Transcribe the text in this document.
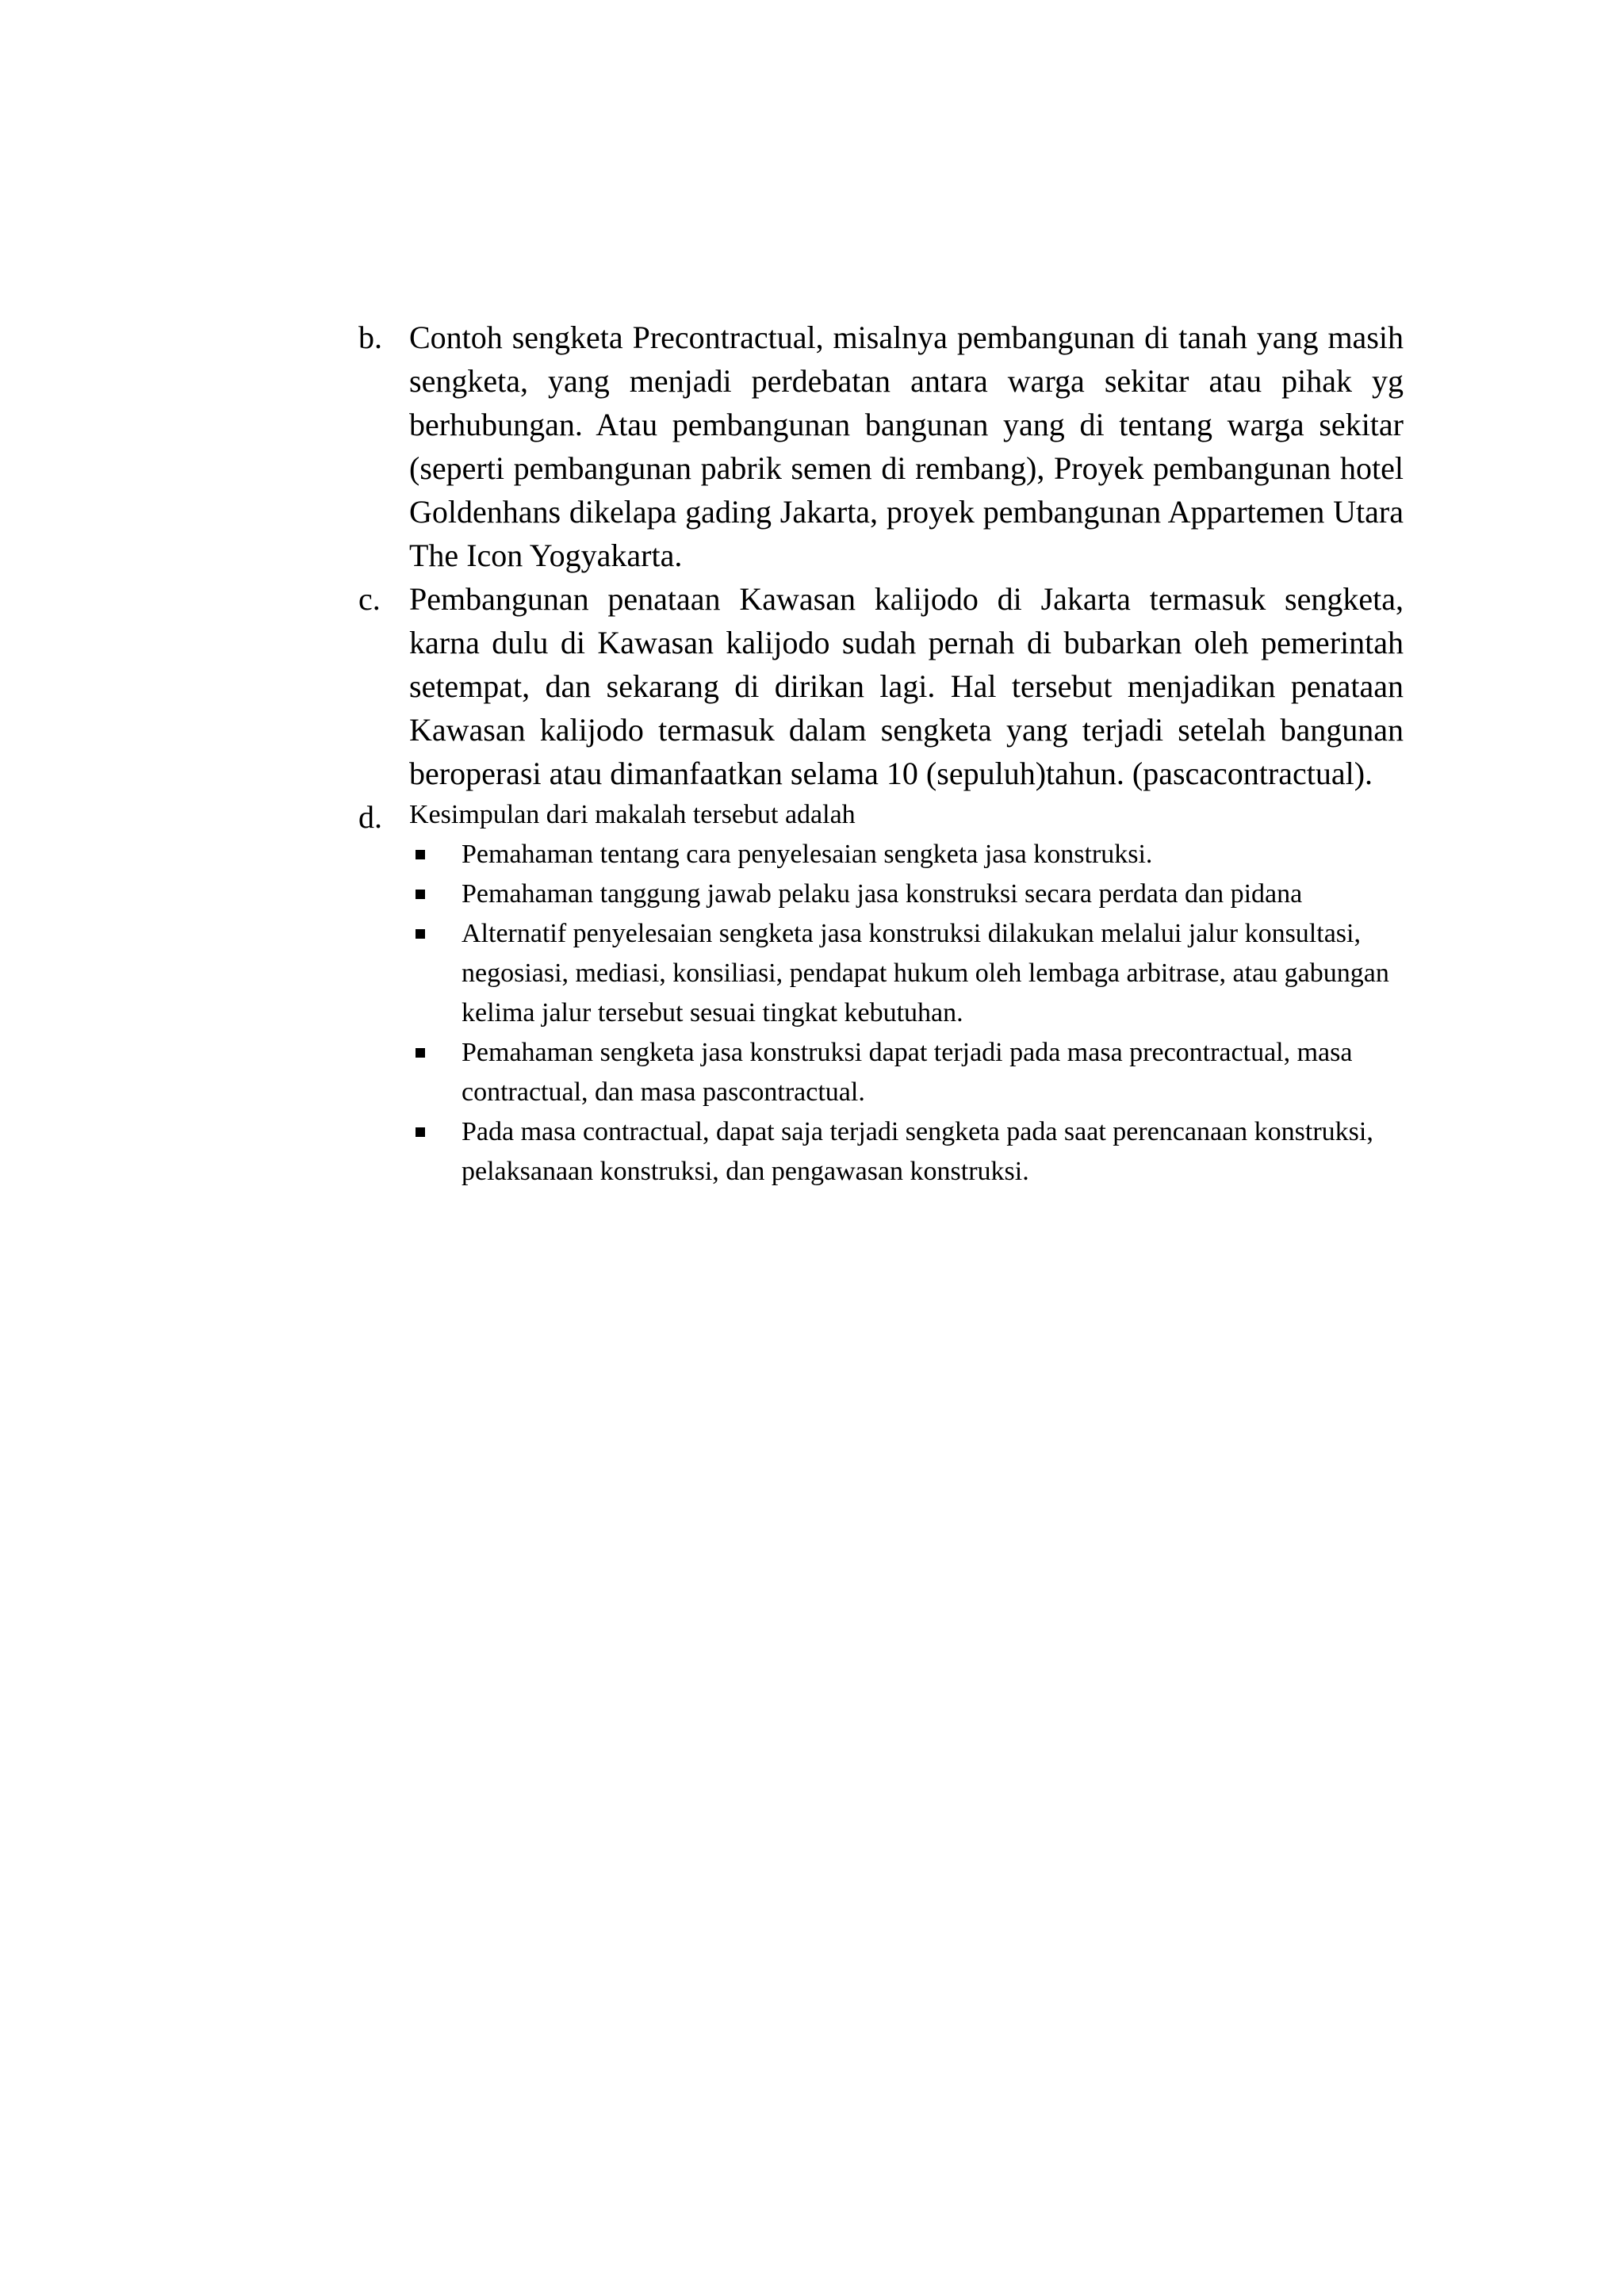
b. Contoh sengketa Precontractual, misalnya pembangunan di tanah yang masih sengketa, yang menjadi perdebatan antara warga sekitar atau pihak yg berhubungan. Atau pembangunan bangunan yang di tentang warga sekitar (seperti pembangunan pabrik semen di rembang), Proyek pembangunan hotel Goldenhans dikelapa gading Jakarta, proyek pembangunan Appartemen Utara The Icon Yogyakarta.
c. Pembangunan penataan Kawasan kalijodo di Jakarta termasuk sengketa, karna dulu di Kawasan kalijodo sudah pernah di bubarkan oleh pemerintah setempat, dan sekarang di dirikan lagi. Hal tersebut menjadikan penataan Kawasan kalijodo termasuk dalam sengketa yang terjadi setelah bangunan beroperasi atau dimanfaatkan selama 10 (sepuluh)tahun. (pascacontractual).
d. Kesimpulan dari makalah tersebut adalah
Pemahaman tentang cara penyelesaian sengketa jasa konstruksi.
Pemahaman tanggung jawab pelaku jasa konstruksi secara perdata dan pidana
Alternatif penyelesaian sengketa jasa konstruksi dilakukan melalui jalur konsultasi, negosiasi, mediasi, konsiliasi, pendapat hukum oleh lembaga arbitrase, atau gabungan kelima jalur tersebut sesuai tingkat kebutuhan.
Pemahaman sengketa jasa konstruksi dapat terjadi pada masa precontractual, masa contractual, dan masa pascontractual.
Pada masa contractual, dapat saja terjadi sengketa pada saat perencanaan konstruksi, pelaksanaan konstruksi, dan pengawasan konstruksi.
